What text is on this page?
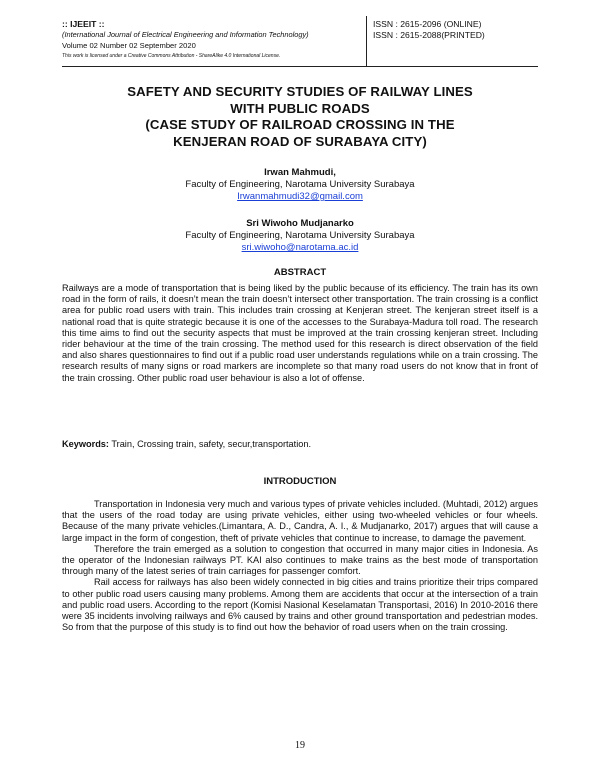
:: IJEEIT ::
(International Journal of Electrical Engineering and Information Technology)
Volume 02 Number 02 September 2020
This work is licensed under a Creative Commons Attribution - ShareAlike 4.0 International License.
ISSN : 2615-2096 (ONLINE)
ISSN : 2615-2088(PRINTED)
SAFETY AND SECURITY STUDIES OF RAILWAY LINES
WITH PUBLIC ROADS
(CASE STUDY OF RAILROAD CROSSING IN THE
KENJERAN ROAD OF SURABAYA CITY)
Irwan Mahmudi,
Faculty of Engineering, Narotama University Surabaya
Irwanmahmudi32@gmail.com
Sri Wiwoho Mudjanarko
Faculty of Engineering, Narotama University Surabaya
sri.wiwoho@narotama.ac.id
ABSTRACT
Railways are a mode of transportation that is being liked by the public because of its efficiency. The train has its own road in the form of rails, it doesn’t mean the train doesn’t intersect other transportation. The train crossing is a conflict area for public road users with train. This includes train crossing at Kenjeran street. The kenjeran street itself is a national road that is quite strategic because it is one of the accesses to the Surabaya-Madura toll road. The research this time aims to find out the security aspects that must be improved at the train crossing kenjeran street. Including rider behaviour at the time of the train crossing. The method used for this research is direct observation of the field and also shares questionnaires to find out if a public road user understands regulations while on a train crossing. The research results of many signs or road markers are incomplete so that many road users do not know that in front of the train crossing. Other public road user behaviour is also a lot of offense.
Keywords: Train, Crossing train, safety, secur,transportation.
INTRODUCTION

Transportation in Indonesia very much and various types of private vehicles included. (Muhtadi, 2012) argues that the users of the road today are using private vehicles, either using two-wheeled vehicles or four wheels. Because of the many private vehicles.(Limantara, A. D., Candra, A. I., & Mudjanarko, 2017) argues that will cause a large impact in the form of congestion, theft of private vehicles that continue to increase, to damage the pavement.

Therefore the train emerged as a solution to congestion that occurred in many major cities in Indonesia. As the operator of the Indonesian railways PT. KAI also continues to make trains as the best mode of transportation through many of the latest series of train carriages for passenger comfort.

Rail access for railways has also been widely connected in big cities and trains prioritize their trips compared to other public road users causing many problems. Among them are accidents that occur at the intersection of a train and public road users. According to the report (Komisi Nasional Keselamatan Transportasi, 2016) In 2010-2016 there were 35 incidents involving railways and 6% caused by trains and other ground transportation and pedestrian modes. So from that the purpose of this study is to find out how the behavior of road users when on the train crossing.

19
